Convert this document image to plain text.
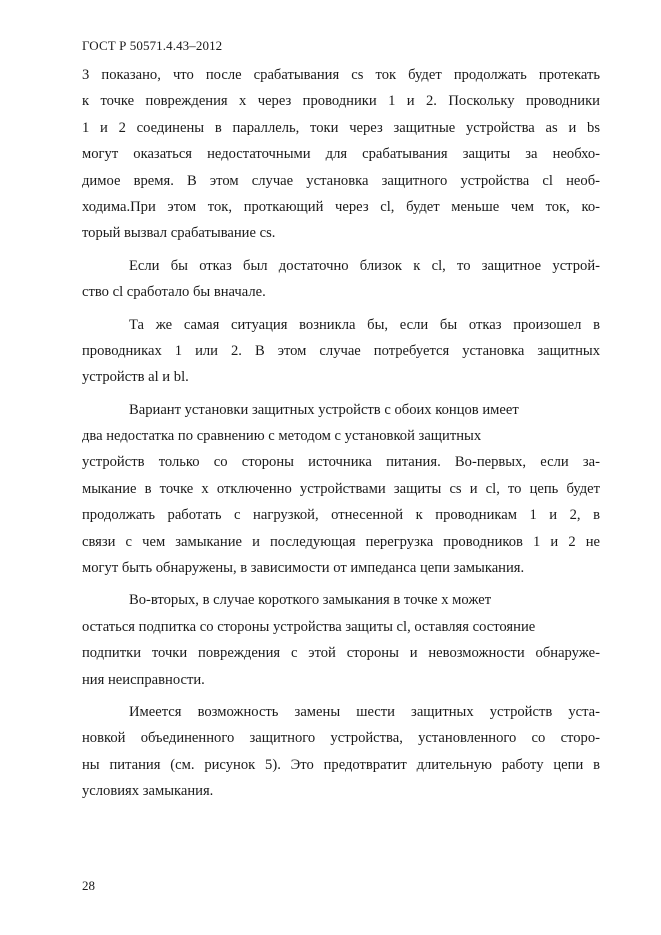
ГОСТ Р 50571.4.43–2012
3 показано, что после срабатывания cs ток будет продолжать протекать
к точке повреждения х через проводники 1 и 2. Поскольку проводники
1 и 2 соединены в параллель, токи через защитные устройства as и bs
могут оказаться недостаточными для срабатывания защиты за необхо-
димое время. В этом случае установка защитного устройства cl необ-
ходима.При этом ток, проткающий через cl, будет меньше чем ток, ко-
торый вызвал срабатывание cs.
Если бы отказ был достаточно близок к cl, то защитное устрой-
ство cl сработало бы вначале.
Та же самая ситуация возникла бы, если бы отказ произошел в
проводниках 1 или 2. В этом случае потребуется установка защитных
устройств al и bl.
Вариант установки защитных устройств с обоих концов имеет
два недостатка по сравнению с методом с установкой защитных
устройств только со стороны источника питания. Во-первых, если за-
мыкание в точке х отключенно устройствами защиты cs и cl, то цепь будет
продолжать работать с нагрузкой, отнесенной к проводникам 1 и 2, в
связи с чем замыкание и последующая перегрузка проводников 1 и 2 не
могут быть обнаружены, в зависимости от импеданса цепи замыкания.
Во-вторых, в случае короткого замыкания в точке х может
остаться подпитка со стороны устройства защиты cl, оставляя состояние
подпитки точки повреждения с этой стороны и невозможности обнаруже-
ния неисправности.
Имеется возможность замены шести защитных устройств уста-
новкой объединенного защитного устройства, установленного со сторо-
ны питания (см. рисунок 5). Это предотвратит длительную работу цепи в
условиях замыкания.
28
